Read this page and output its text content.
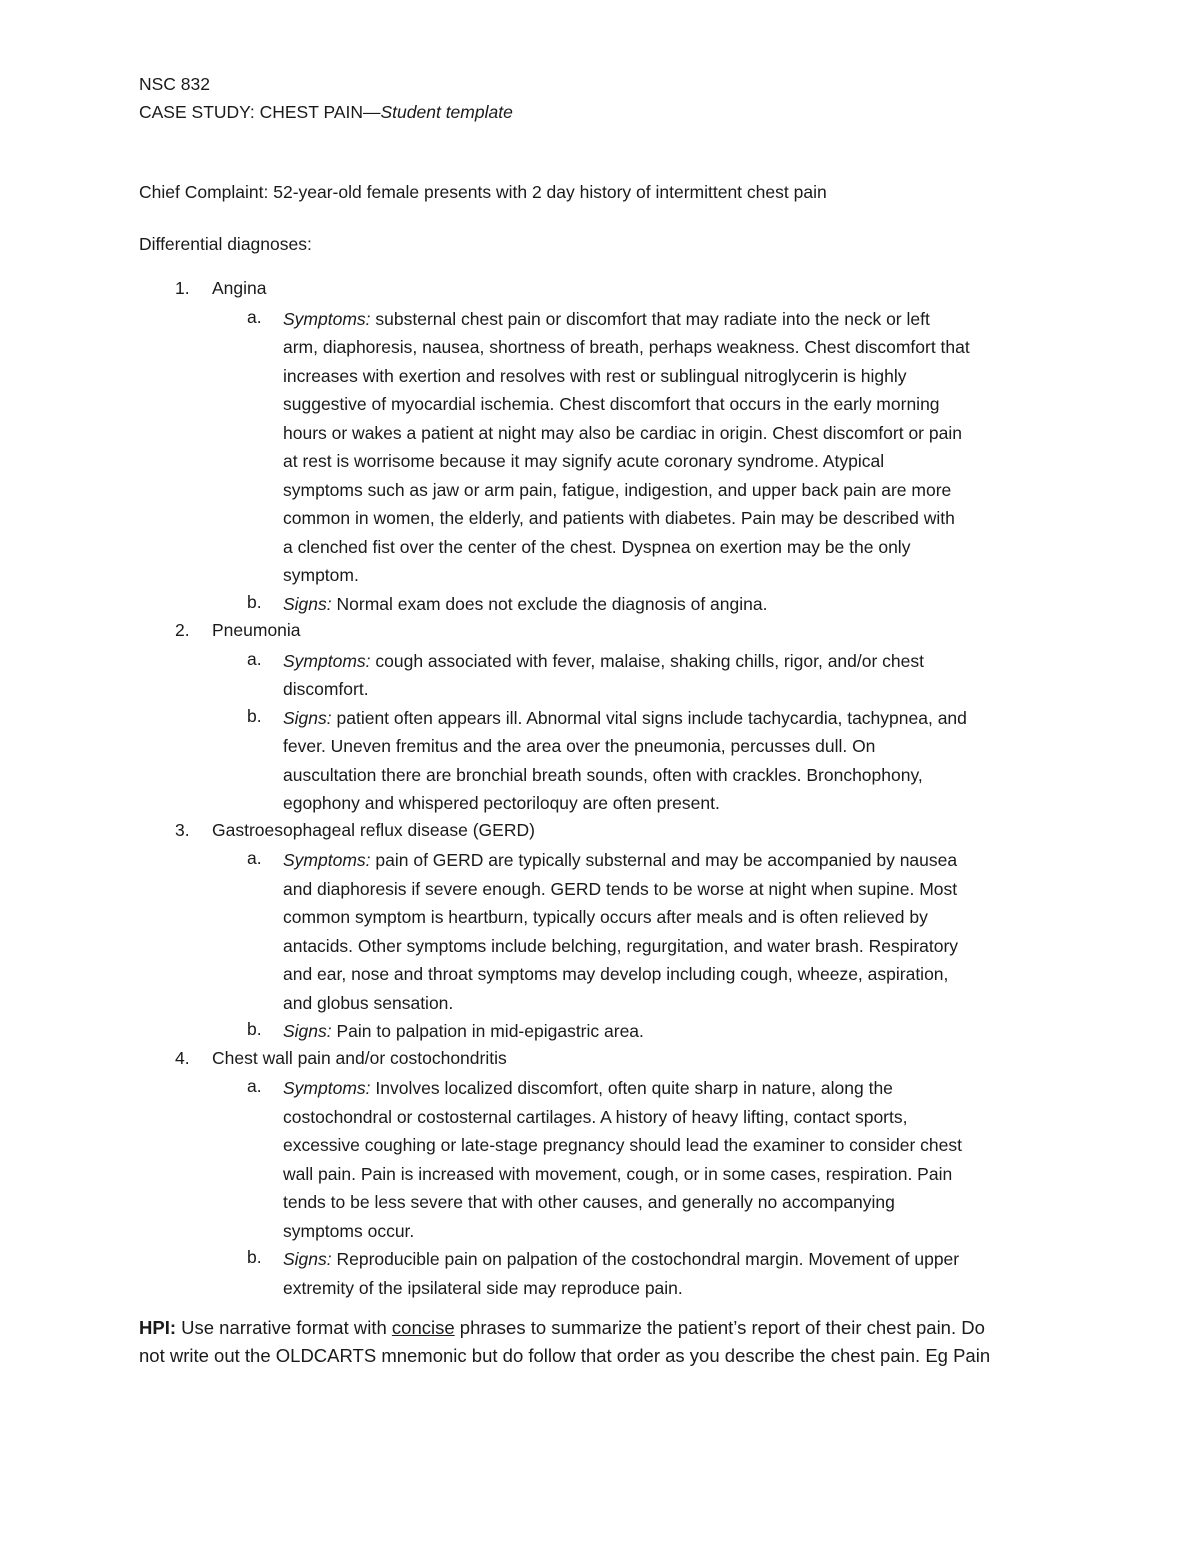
NSC 832
CASE STUDY: CHEST PAIN—Student template
Chief Complaint: 52-year-old female presents with 2 day history of intermittent chest pain
Differential diagnoses:
1. Angina
a. Symptoms: substernal chest pain or discomfort that may radiate into the neck or left
arm, diaphoresis, nausea, shortness of breath, perhaps weakness. Chest discomfort that
increases with exertion and resolves with rest or sublingual nitroglycerin is highly
suggestive of myocardial ischemia. Chest discomfort that occurs in the early morning
hours or wakes a patient at night may also be cardiac in origin. Chest discomfort or pain
at rest is worrisome because it may signify acute coronary syndrome. Atypical
symptoms such as jaw or arm pain, fatigue, indigestion, and upper back pain are more
common in women, the elderly, and patients with diabetes. Pain may be described with
a clenched fist over the center of the chest. Dyspnea on exertion may be the only
symptom.
b. Signs: Normal exam does not exclude the diagnosis of angina.
2. Pneumonia
a. Symptoms: cough associated with fever, malaise, shaking chills, rigor, and/or chest
discomfort.
b. Signs: patient often appears ill. Abnormal vital signs include tachycardia, tachypnea, and
fever. Uneven fremitus and the area over the pneumonia, percusses dull. On
auscultation there are bronchial breath sounds, often with crackles. Bronchophony,
egophony and whispered pectoriloquy are often present.
3. Gastroesophageal reflux disease (GERD)
a. Symptoms: pain of GERD are typically substernal and may be accompanied by nausea
and diaphoresis if severe enough. GERD tends to be worse at night when supine. Most
common symptom is heartburn, typically occurs after meals and is often relieved by
antacids. Other symptoms include belching, regurgitation, and water brash. Respiratory
and ear, nose and throat symptoms may develop including cough, wheeze, aspiration,
and globus sensation.
b. Signs: Pain to palpation in mid-epigastric area.
4. Chest wall pain and/or costochondritis
a. Symptoms: Involves localized discomfort, often quite sharp in nature, along the
costochondral or costosternal cartilages. A history of heavy lifting, contact sports,
excessive coughing or late-stage pregnancy should lead the examiner to consider chest
wall pain. Pain is increased with movement, cough, or in some cases, respiration. Pain
tends to be less severe that with other causes, and generally no accompanying
symptoms occur.
b. Signs: Reproducible pain on palpation of the costochondral margin. Movement of upper
extremity of the ipsilateral side may reproduce pain.
HPI: Use narrative format with concise phrases to summarize the patient’s report of their chest pain. Do
not write out the OLDCARTS mnemonic but do follow that order as you describe the chest pain. Eg Pain
